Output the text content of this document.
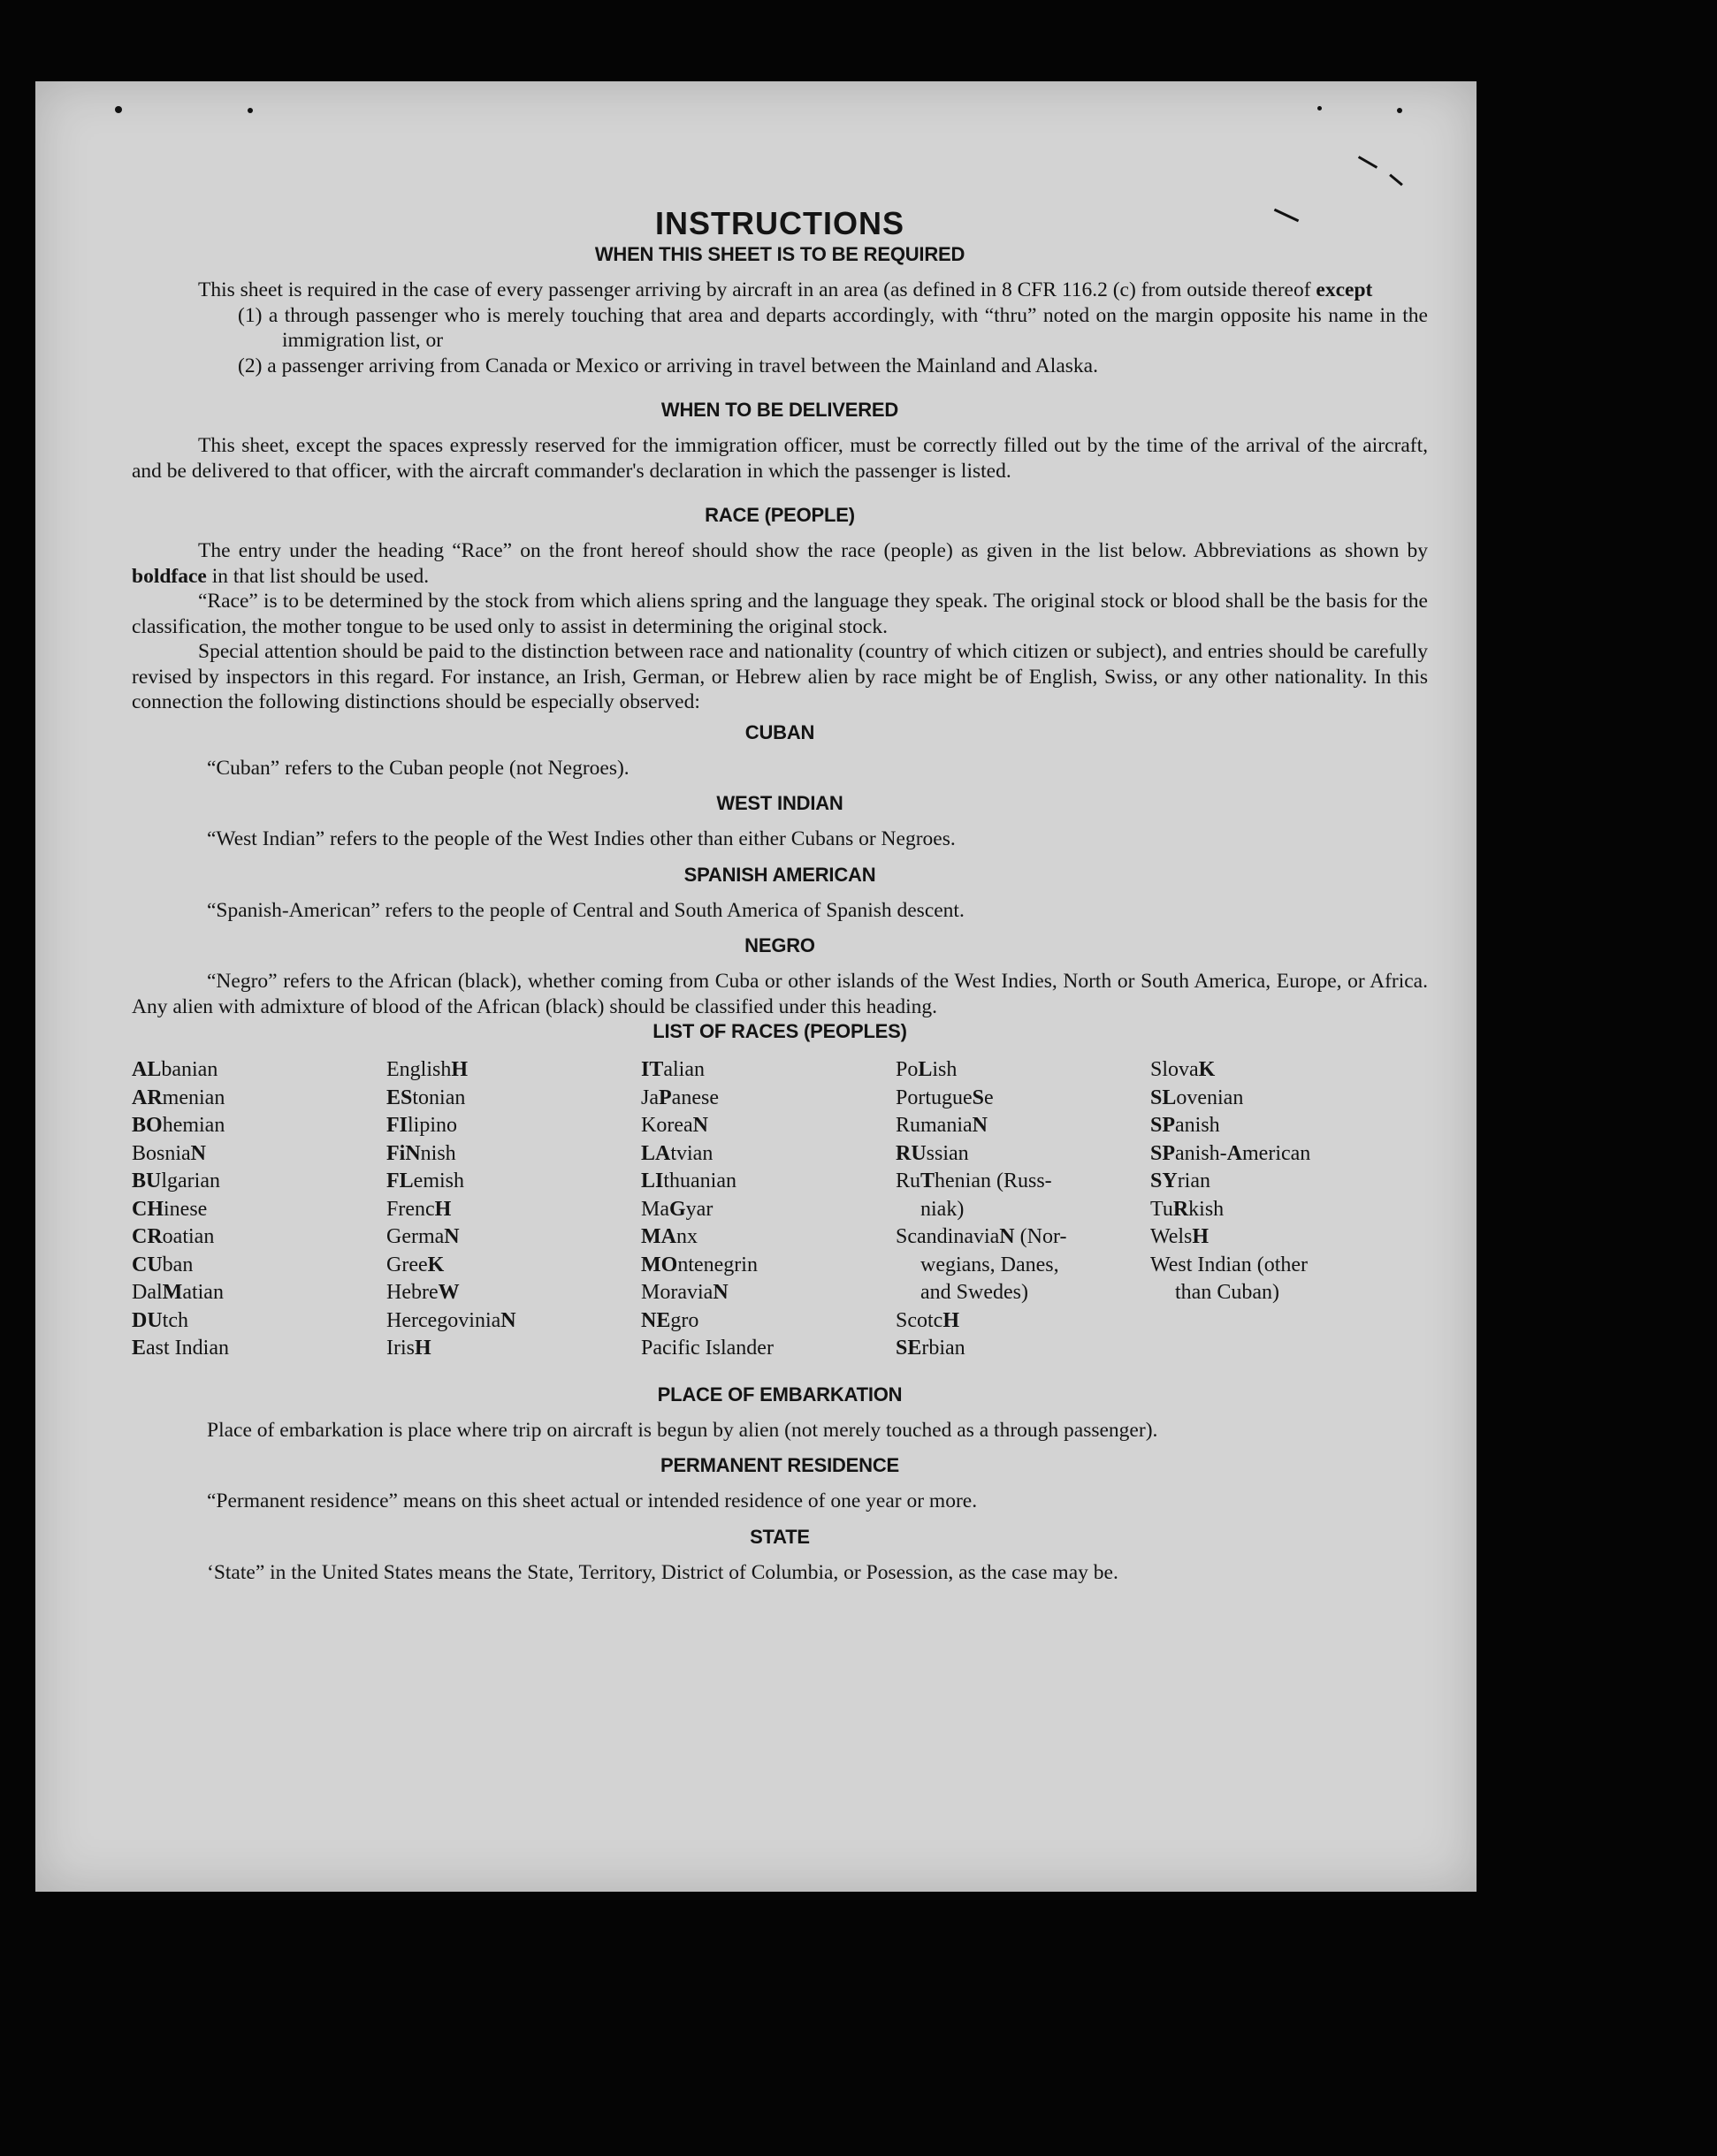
INSTRUCTIONS
WHEN THIS SHEET IS TO BE REQUIRED

This sheet is required in the case of every passenger arriving by aircraft in an area (as defined in 8 CFR 116.2 (c) from outside thereof except

(1) a through passenger who is merely touching that area and departs accordingly, with “thru” noted on the margin opposite his name in the immigration list, or

(2) a passenger arriving from Canada or Mexico or arriving in travel between the Mainland and Alaska.

WHEN TO BE DELIVERED

This sheet, except the spaces expressly reserved for the immigration officer, must be correctly filled out by the time of the arrival of the aircraft, and be delivered to that officer, with the aircraft commander's declaration in which the passenger is listed.

RACE (PEOPLE)

The entry under the heading “Race” on the front hereof should show the race (people) as given in the list below. Abbreviations as shown by boldface in that list should be used.

“Race” is to be determined by the stock from which aliens spring and the language they speak. The original stock or blood shall be the basis for the classification, the mother tongue to be used only to assist in determining the original stock.

Special attention should be paid to the distinction between race and nationality (country of which citizen or subject), and entries should be carefully revised by inspectors in this regard. For instance, an Irish, German, or Hebrew alien by race might be of English, Swiss, or any other nationality. In this connection the following distinctions should be especially observed:

CUBAN

“Cuban” refers to the Cuban people (not Negroes).

WEST INDIAN

“West Indian” refers to the people of the West Indies other than either Cubans or Negroes.

SPANISH AMERICAN

“Spanish-American” refers to the people of Central and South America of Spanish descent.

NEGRO

“Negro” refers to the African (black), whether coming from Cuba or other islands of the West Indies, North or South America, Europe, or Africa. Any alien with admixture of blood of the African (black) should be classified under this heading.

LIST OF RACES (PEOPLES)
ALbanian
ARmenian
BOhemian
BosniaN
BUlgarian
CHinese
CRoatian
CUban
DalMatian
DUtch
East Indian
EnglishH
EStonian
FIlipino
FiNnish
FLemish
FrencH
GermaN
GreeK
HebreW
HercegoviniaN
IrisH
ITalian
JaPanese
KoreaN
LAtvian
LIthuanian
MaGyar
MAnx
MOntenegrin
MoraviaN
NEgro
Pacific Islander
PoLish
PortugueSe
RumaniaN
RUssian
RuThenian (Russ-
niak)
ScandinaviaN (Nor-
wegians, Danes,
and Swedes)
ScotcH
SErbian
SlovaK
SLovenian
SPanish
SPanish-American
SYrian
TuRkish
WelsH
West Indian (other
than Cuban)
PLACE OF EMBARKATION

Place of embarkation is place where trip on aircraft is begun by alien (not merely touched as a through passenger).

PERMANENT RESIDENCE

“Permanent residence” means on this sheet actual or intended residence of one year or more.

STATE

‘State” in the United States means the State, Territory, District of Columbia, or Posession, as the case may be.
